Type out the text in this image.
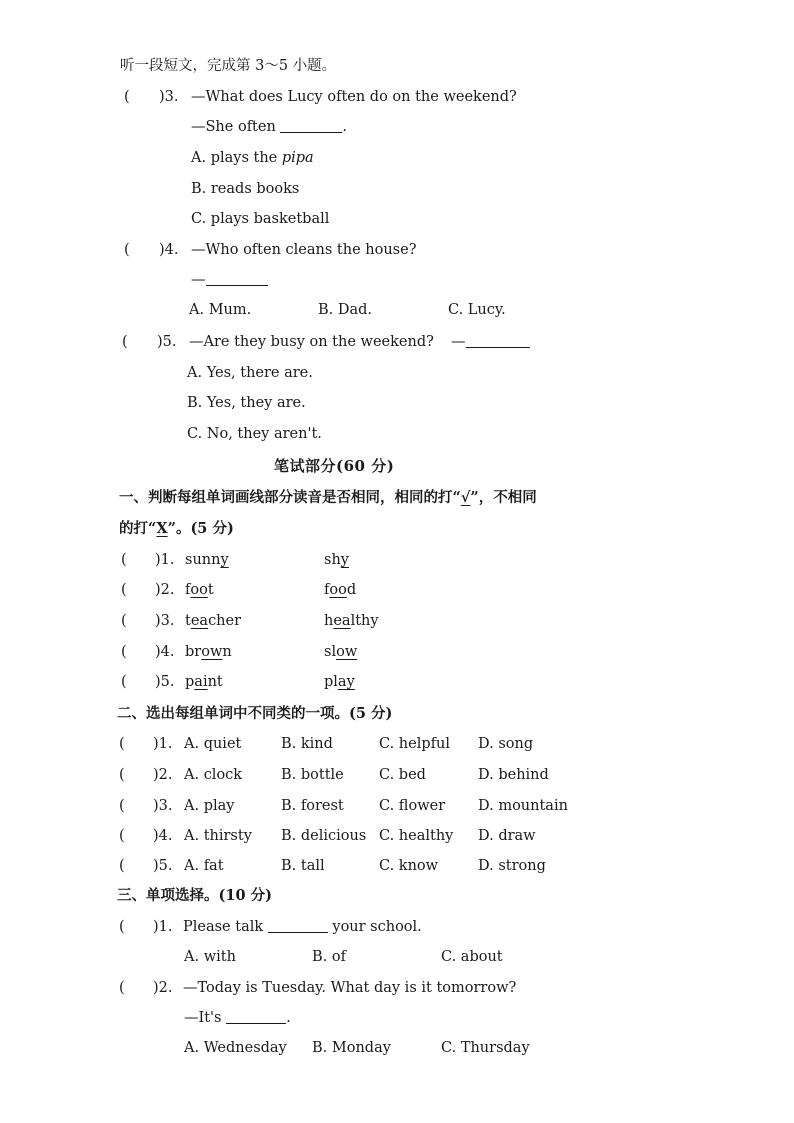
听一段短文，完成第 3～5 小题。
( )3. —What does Lucy often do on the weekend?
—She often	.
A. plays the pipa
B. reads books
C. plays basketball
( )4. —Who often cleans the house?
—
A. Mum.	B. Dad.	C. Lucy.
( )5. —Are they busy on the weekend? —
A. Yes, there are.
B. Yes, they are.
C. No, they aren't.
笔试部分(60 分)
一、判断每组单词画线部分读音是否相同，相同的打“√”，不相同
的打“X”。(5 分)
( )1. sunny	shy
( )2. foot	food
( )3. teacher	healthy
( )4. brown	slow
( )5. paint	play
二、选出每组单词中不同类的一项。(5 分)
( )1. A. quiet	B. kind	C. helpful D. song
( )2. A. clock	B. bottle C. bed	D. behind
( )3. A. play	B. forest C. flower D. mountain
( )4. A. thirsty B. delicious C. healthy D. draw
( )5. A. fat	B. tall	C. know	D. strong
三、单项选择。(10 分)
( )1. Please talk	your school.
A. with	B. of	C. about
( )2. —Today is Tuesday. What day is it tomorrow?
—It's	.
A. Wednesday B. Monday	C. Thursday
